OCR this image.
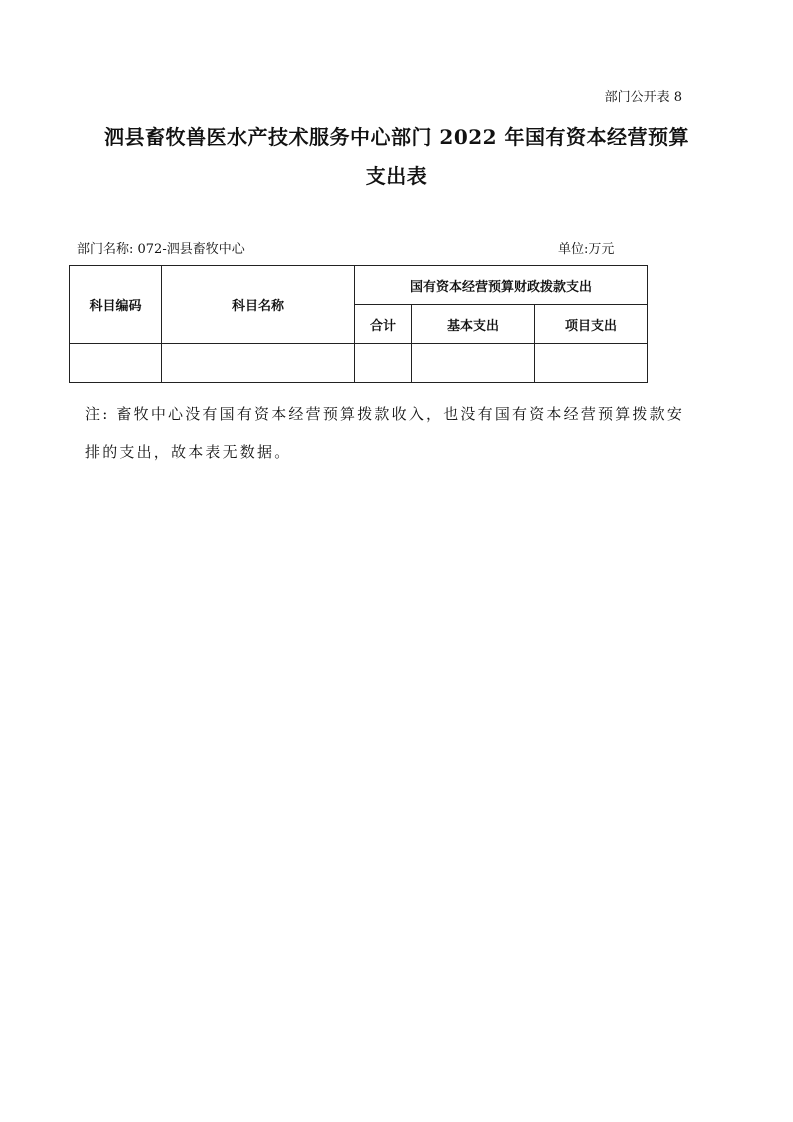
部门公开表 8
泗县畜牧兽医水产技术服务中心部门 2022 年国有资本经营预算
支出表
部门名称: 072-泗县畜牧中心	单位:万元
科目编码	科目名称	国有资本经营预算财政拨款支出		
		合计	基本支出	项目支出

注: 畜牧中心没有国有资本经营预算拨款收入，也没有国有资本经营预算拨款安排的支出，故本表无数据。
